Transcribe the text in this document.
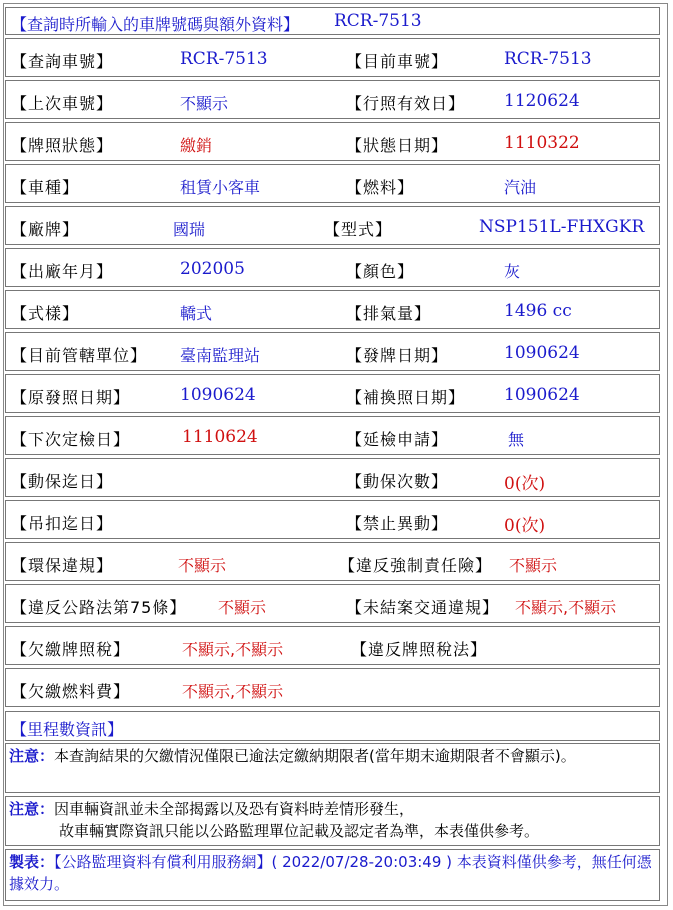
【查詢時所輸入的車牌號碼與額外資料】 RCR-7513
【查詢車號】	RCR-7513	【目前車號】	RCR-7513
【上次車號】	不顯示	【行照有效日】 1120624
【牌照狀態】	繳銷	【狀態日期】	1110322
【車種】	租賃小客車	【燃料】	汽油
【廠牌】	國瑞	【型式】	NSP151L-FHXGKR
【出廠年月】	202005	【顏色】	灰
【式樣】	轎式	【排氣量】	1496 cc
【目前管轄單位】 臺南監理站	【發牌日期】	1090624
【原發照日期】	1090624	【補換照日期】 1090624
【下次定檢日】	1110624	【延檢申請】	無
【動保迄日】	【動保次數】	0(次)
【吊扣迄日】	【禁止異動】	0(次)
【環保違規】	不顯示	【違反強制責任險】 不顯示
【違反公路法第75條】 不顯示	【未結案交通違規】 不顯示,不顯示
【欠繳牌照稅】	不顯示,不顯示	【違反牌照稅法】
【欠繳燃料費】	不顯示,不顯示
【里程數資訊】
注意：本查詢結果的欠繳情況僅限已逾法定繳納期限者(當年期末逾期限者不會顯示)。
注意：因車輛資訊並未全部揭露以及恐有資料時差情形發生，
故車輛實際資訊只能以公路監理單位記載及認定者為準，本表僅供參考。
製表：【公路監理資料有償利用服務網】( 2022/07/28-20:03:49 ) 本表資料僅供參考，無任何憑據效力。
